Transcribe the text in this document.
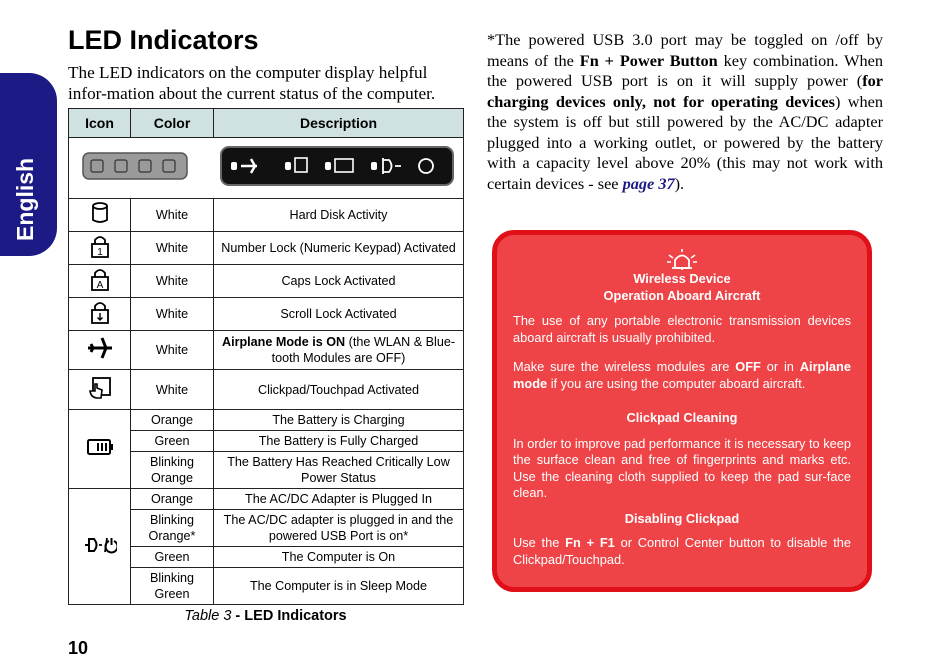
English
LED Indicators

The LED indicators on the computer display helpful infor-mation about the current status of the computer.

Icon	Color	Description

	White	Hard Disk Activity

1	White	Number Lock (Numeric Keypad) Activated

A	White	Caps Lock Activated
	White	Scroll Lock Activated
	White	Airplane Mode is ON (the WLAN & Blue-tooth Modules are OFF)
	White	Clickpad/Touchpad Activated
	Orange	The Battery is Charging
	Green	The Battery is Fully Charged
	Blinking Orange	The Battery Has Reached Critically Low Power Status
	Orange	The AC/DC Adapter is Plugged In
	Blinking Orange*	The AC/DC adapter is plugged in and the powered USB Port is on*
	Green	The Computer is On
	Blinking Green	The Computer is in Sleep Mode
Table 3 - LED Indicators
10

*The powered USB 3.0 port may be toggled on /off by means of the Fn + Power Button key combination. When the powered USB port is on it will supply power (for charging devices only, not for operating devices) when the system is off but still powered by the AC/DC adapter plugged into a working outlet, or powered by the battery with a capacity level above 20% (this may not work with certain devices - see page 37).

Wireless Device

Operation Aboard Aircraft

The use of any portable electronic transmission devices aboard aircraft is usually prohibited.

Make sure the wireless modules are OFF or in Airplane mode if you are using the computer aboard aircraft.

Clickpad Cleaning

In order to improve pad performance it is necessary to keep the surface clean and free of fingerprints and marks etc. Use the cleaning cloth supplied to keep the pad sur-face clean.

Disabling Clickpad

Use the Fn + F1 or Control Center button to disable the Clickpad/Touchpad.
